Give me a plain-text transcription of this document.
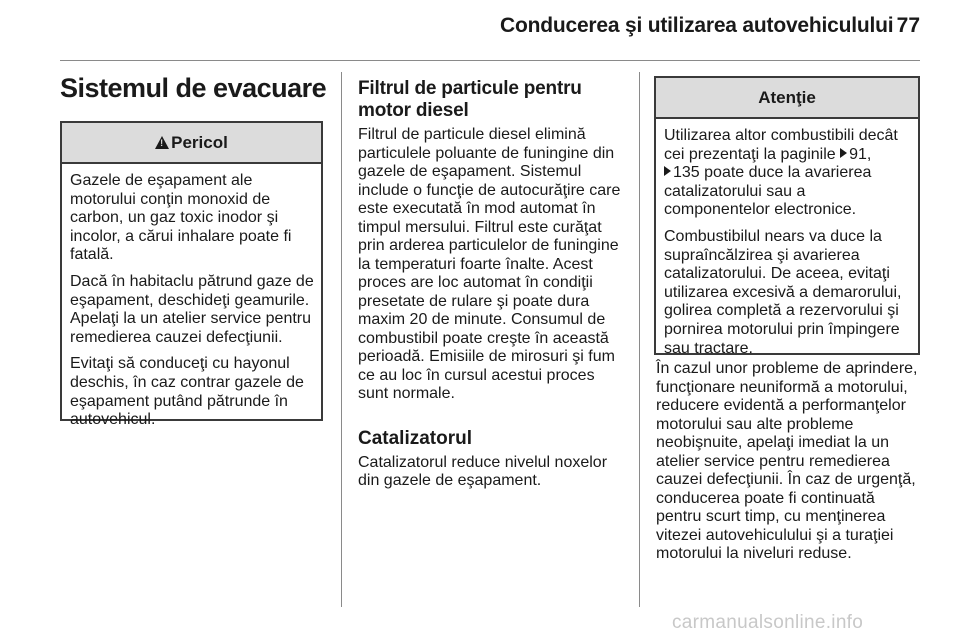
Conducerea şi utilizarea autovehiculului 77
Sistemul de evacuare
!
Pericol

Gazele de eşapament ale motorului conţin monoxid de carbon, un gaz toxic inodor şi incolor, a cărui inhalare poate fi fatală.

Dacă în habitaclu pătrund gaze de eşapament, deschideţi geamurile. Apelaţi la un atelier service pentru remedierea cauzei defecţiunii.

Evitaţi să conduceţi cu hayonul deschis, în caz contrar gazele de eşapament putând pătrunde în autovehicul.

Filtrul de particule pentru motor diesel

Filtrul de particule diesel elimină particulele poluante de funingine din gazele de eşapament. Sistemul include o funcţie de autocurăţire care este executată în mod automat în timpul mersului. Filtrul este curăţat prin arderea particulelor de funingine la temperaturi foarte înalte. Acest proces are loc automat în condiţii presetate de rulare şi poate dura maxim 20 de minute. Consumul de combustibil poate creşte în această perioadă. Emisiile de mirosuri şi fum ce au loc în cursul acestui proces sunt normale.

Catalizatorul

Catalizatorul reduce nivelul noxelor din gazele de eşapament.

Atenţie

Utilizarea altor combustibili decât cei prezentaţi la paginile 91,
135 poate duce la avarierea catalizatorului sau a componentelor electronice.

Combustibilul nears va duce la supraîncălzirea şi avarierea catalizatorului. De aceea, evitaţi utilizarea excesivă a demarorului, golirea completă a rezervorului şi pornirea motorului prin împingere sau tractare.

În cazul unor probleme de aprindere, funcţionare neuniformă a motorului, reducere evidentă a performanţelor motorului sau alte probleme neobişnuite, apelaţi imediat la un atelier service pentru remedierea cauzei defecţiunii. În caz de urgenţă, conducerea poate fi continuată pentru scurt timp, cu menţinerea vitezei autovehiculului şi a turaţiei motorului la niveluri reduse.

carmanualsonline.info
